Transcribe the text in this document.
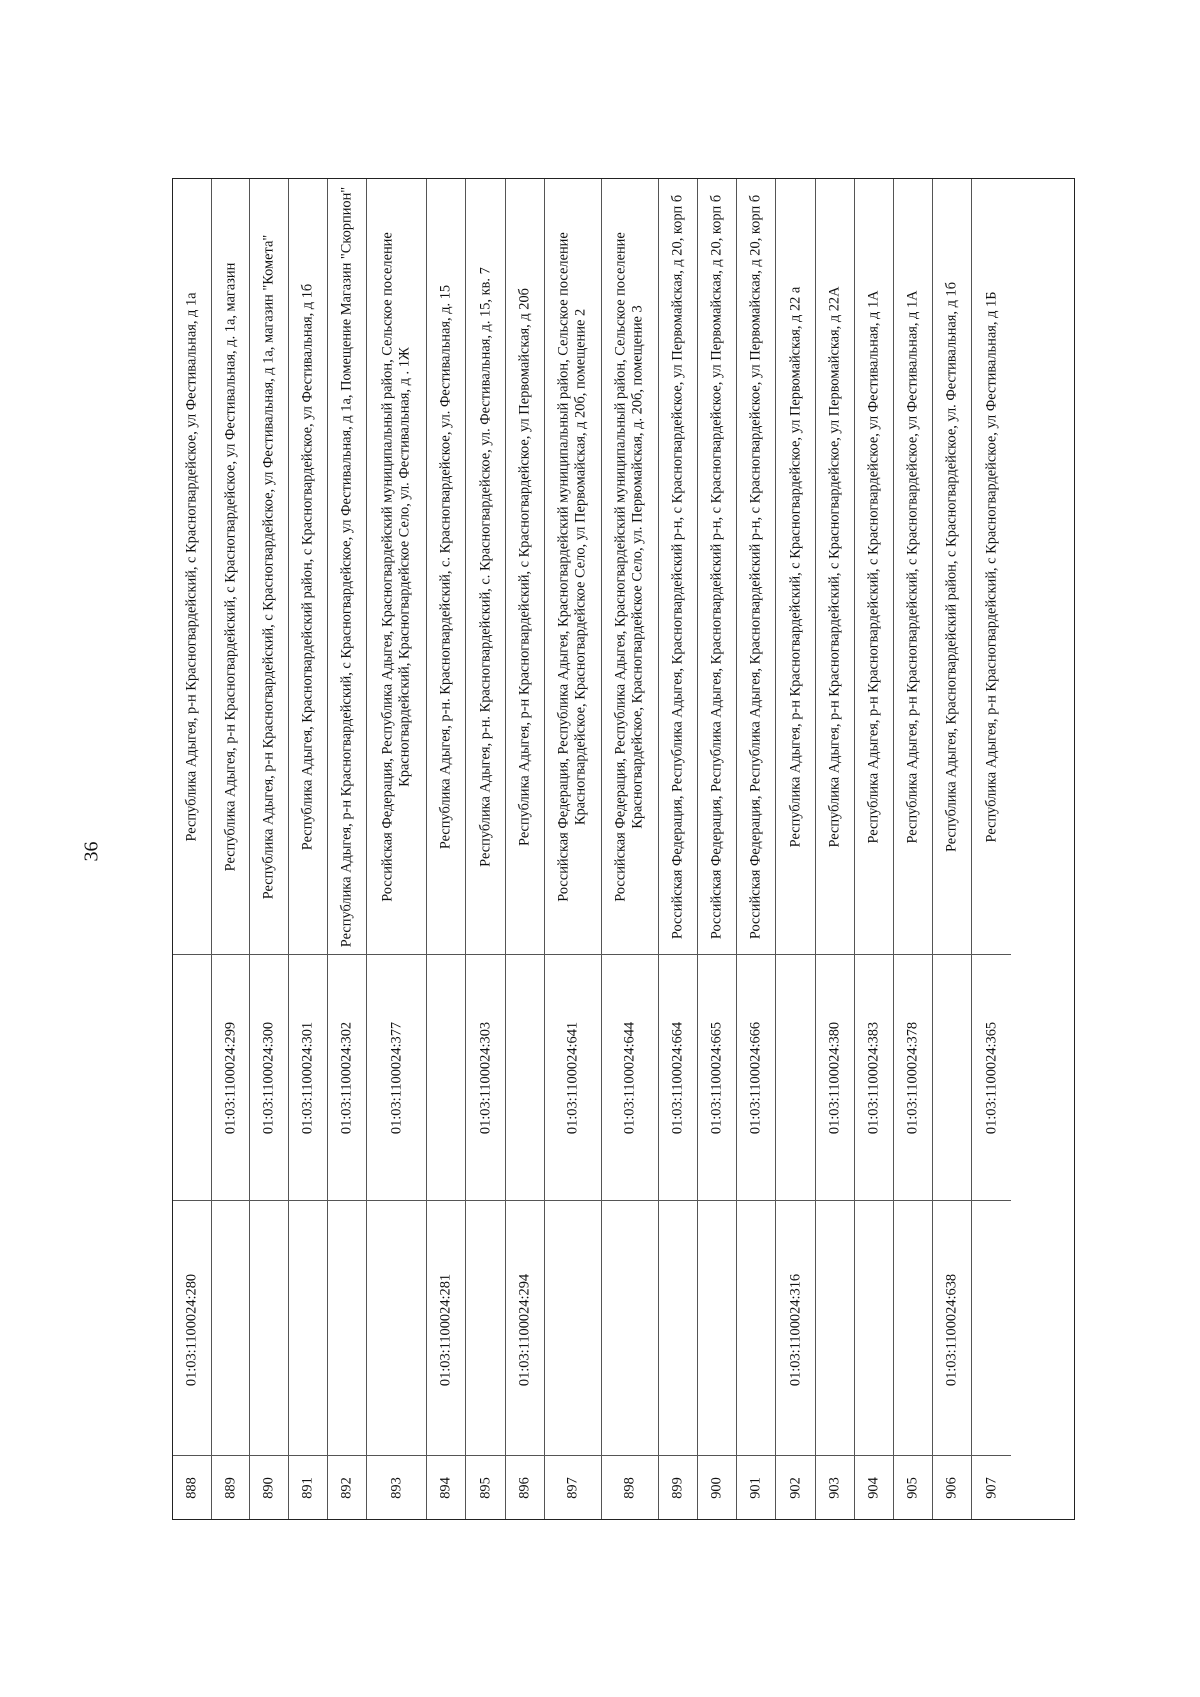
36
Республика Адыгея, р-н Красногвардейский, с Красногвардейское, ул Фестивальная, д 1а
01:03:1100024:280
888
Республика Адыгея, р-н Красногвардейский, с Красногвардейское, ул Фестивальная, д. 1а, магазин
01:03:1100024:299
889
Республика Адыгея, р-н Красногвардейский, с Красногвардейское, ул Фестивальная, д 1а, магазин "Комета"
01:03:1100024:300
890
Республика Адыгея, Красногвардейский район, с Красногвардейское, ул Фестивальная, д 1б
01:03:1100024:301
891
Республика Адыгея, р-н Красногвардейский, с Красногвардейское, ул Фестивальная, д 1а, Помещение Магазин "Скорпион"
01:03:1100024:302
892
Российская Федерация, Республика Адыгея, Красногвардейский муниципальный район, Сельское поселение Красногвардейский, Красногвардейское Село, ул. Фестивальная, д . 1Ж
01:03:1100024:377
893
Республика Адыгея, р-н. Красногвардейский, с. Красногвардейское, ул. Фестивальная, д. 15
01:03:1100024:281
894
Республика Адыгея, р-н. Красногвардейский, с. Красногвардейское, ул. Фестивальная, д. 15, кв. 7
01:03:1100024:303
895
Республика Адыгея, р-н Красногвардейский, с Красногвардейское, ул Первомайская, д 20б
01:03:1100024:294
896
Российская Федерация, Республика Адыгея, Красногвардейский муниципальный район, Сельское поселение Красногвардейское, Красногвардейское Село, ул Первомайская, д 20б, помещение 2
01:03:1100024:641
897
Российская Федерация, Республика Адыгея, Красногвардейский муниципальный район, Сельское поселение Красногвардейское, Красногвардейское Село, ул. Первомайская, д. 20б, помещение 3
01:03:1100024:644
898
Российская Федерация, Республика Адыгея, Красногвардейский р-н, с Красногвардейское, ул Первомайская, д 20, корп б
01:03:1100024:664
899
Российская Федерация, Республика Адыгея, Красногвардейский р-н, с Красногвардейское, ул Первомайская, д 20, корп б
01:03:1100024:665
900
Российская Федерация, Республика Адыгея, Красногвардейский р-н, с Красногвардейское, ул Первомайская, д 20, корп б
01:03:1100024:666
901
Республика Адыгея, р-н Красногвардейский, с Красногвардейское, ул Первомайская, д 22 а
01:03:1100024:316
902
Республика Адыгея, р-н Красногвардейский, с Красногвардейское, ул Первомайская, д 22А
01:03:1100024:380
903
Республика Адыгея, р-н Красногвардейский, с Красногвардейское, ул Фестивальная, д 1А
01:03:1100024:383
904
Республика Адыгея, р-н Красногвардейский, с Красногвардейское, ул Фестивальная, д 1А
01:03:1100024:378
905
Республика Адыгея, Красногвардейский район, с Красногвардейское, ул. Фестивальная, д 1б
01:03:1100024:638
906
Республика Адыгея, р-н Красногвардейский, с Красногвардейское, ул Фестивальная, д 1Б
01:03:1100024:365
907
